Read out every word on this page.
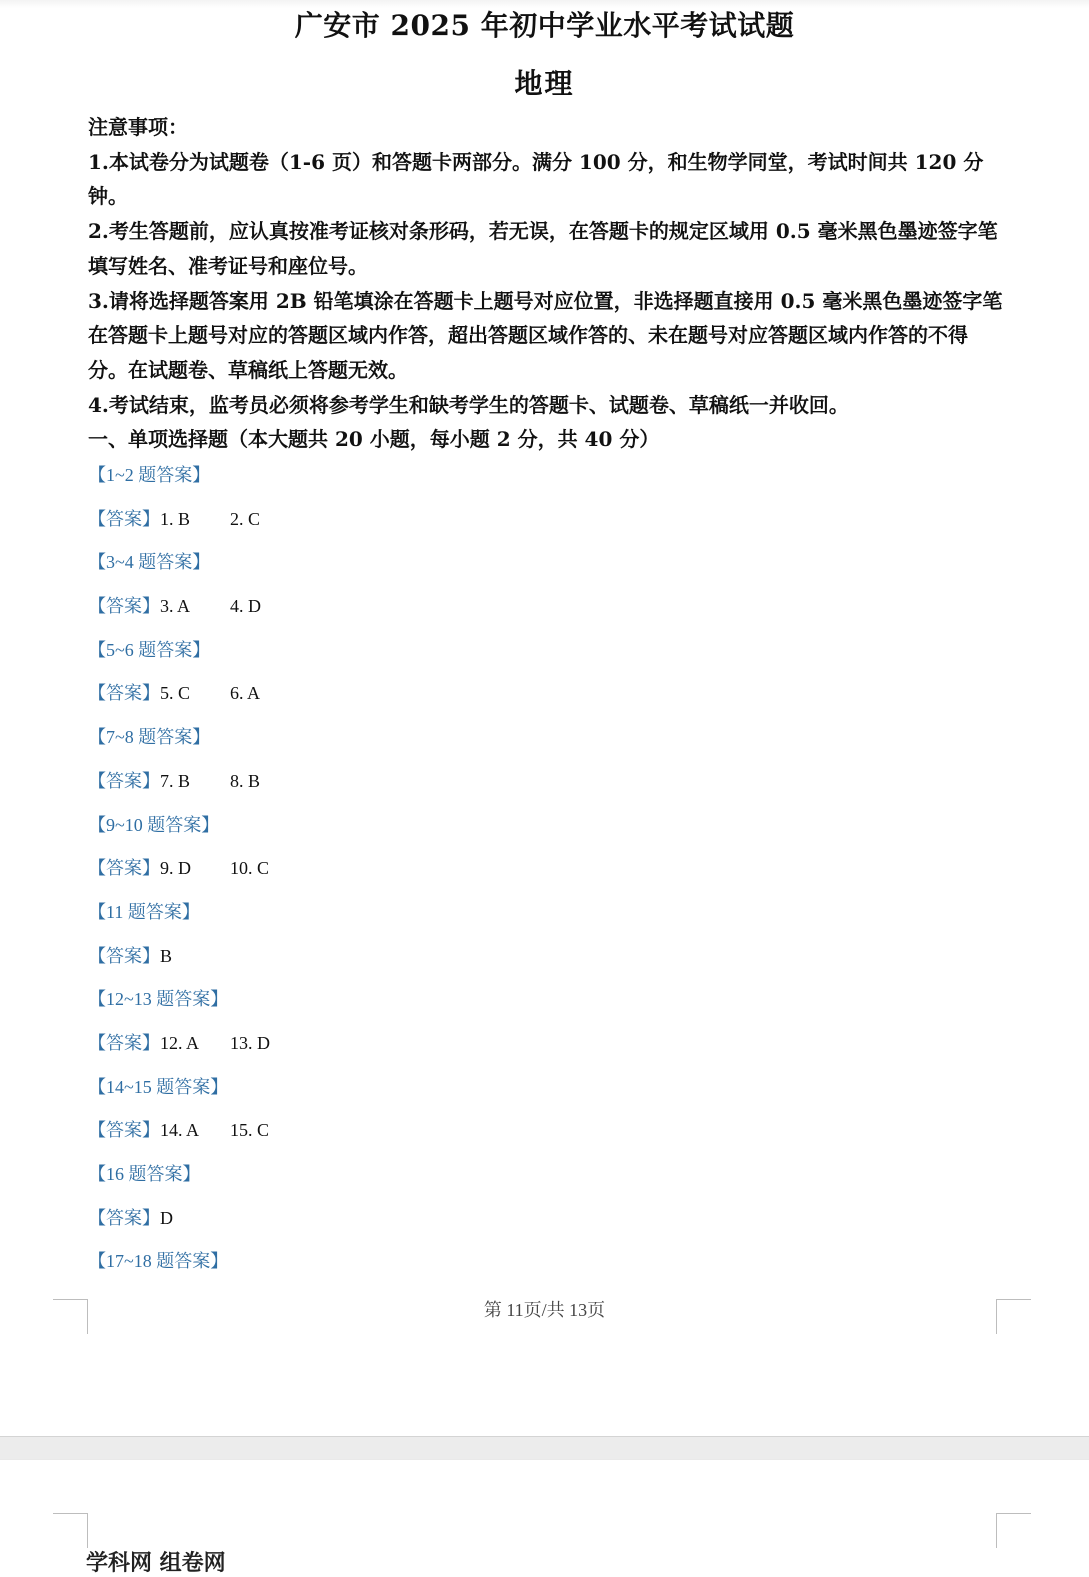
广安市 2025 年初中学业水平考试试题
地理

注意事项：

1.本试卷分为试题卷（1-6 页）和答题卡两部分。满分 100 分，和生物学同堂，考试时间共 120 分钟。

2.考生答题前，应认真按准考证核对条形码，若无误，在答题卡的规定区域用 0.5 毫米黑色墨迹签字笔填写姓名、准考证号和座位号。

3.请将选择题答案用 2B 铅笔填涂在答题卡上题号对应位置，非选择题直接用 0.5 毫米黑色墨迹签字笔在答题卡上题号对应的答题区域内作答，超出答题区域作答的、未在题号对应答题区域内作答的不得分。在试题卷、草稿纸上答题无效。

4.考试结束，监考员必须将参考学生和缺考学生的答题卡、试题卷、草稿纸一并收回。

一、单项选择题（本大题共 20 小题，每小题 2 分，共 40 分）

【1~2 题答案】
【答案】1. B 2. C
【3~4 题答案】
【答案】3. A 4. D
【5~6 题答案】
【答案】5. C 6. A
【7~8 题答案】
【答案】7. B 8. B
【9~10 题答案】
【答案】9. D 10. C
【11 题答案】
【答案】B
【12~13 题答案】
【答案】12. A 13. D
【14~15 题答案】
【答案】14. A 15. C
【16 题答案】
【答案】D
【17~18 题答案】
第 11页/共 13页
学科网 组卷网
